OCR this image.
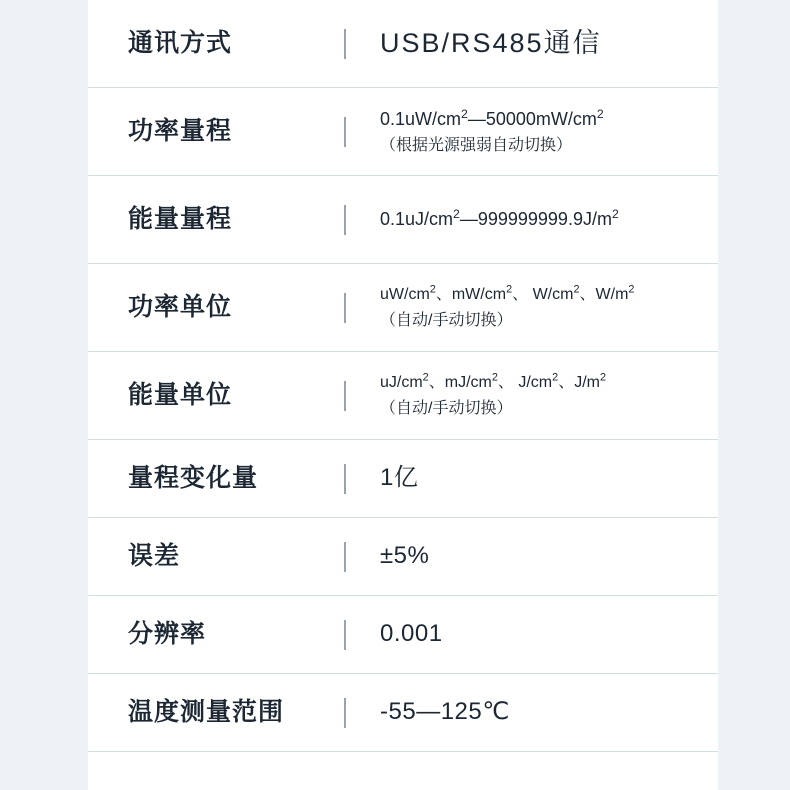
通讯方式	USB/RS485通信
功率量程	$0.1uW/cm^2—50000mW/cm^2$
（根据光源强弱自动切换）
能量量程	$0.1uJ/cm^2—999999999.9J/m^2$
功率单位	$uW/cm^2$、$mW/cm^2$、 $W/cm^2$、$W/m^2$
（自动/手动切换）
能量单位	$uJ/cm^2$、$mJ/cm^2$、 $J/cm^2$、$J/m^2$
（自动/手动切换）
量程变化量	1亿
误差	±5%
分辨率	0.001
温度测量范围	-55—125℃
